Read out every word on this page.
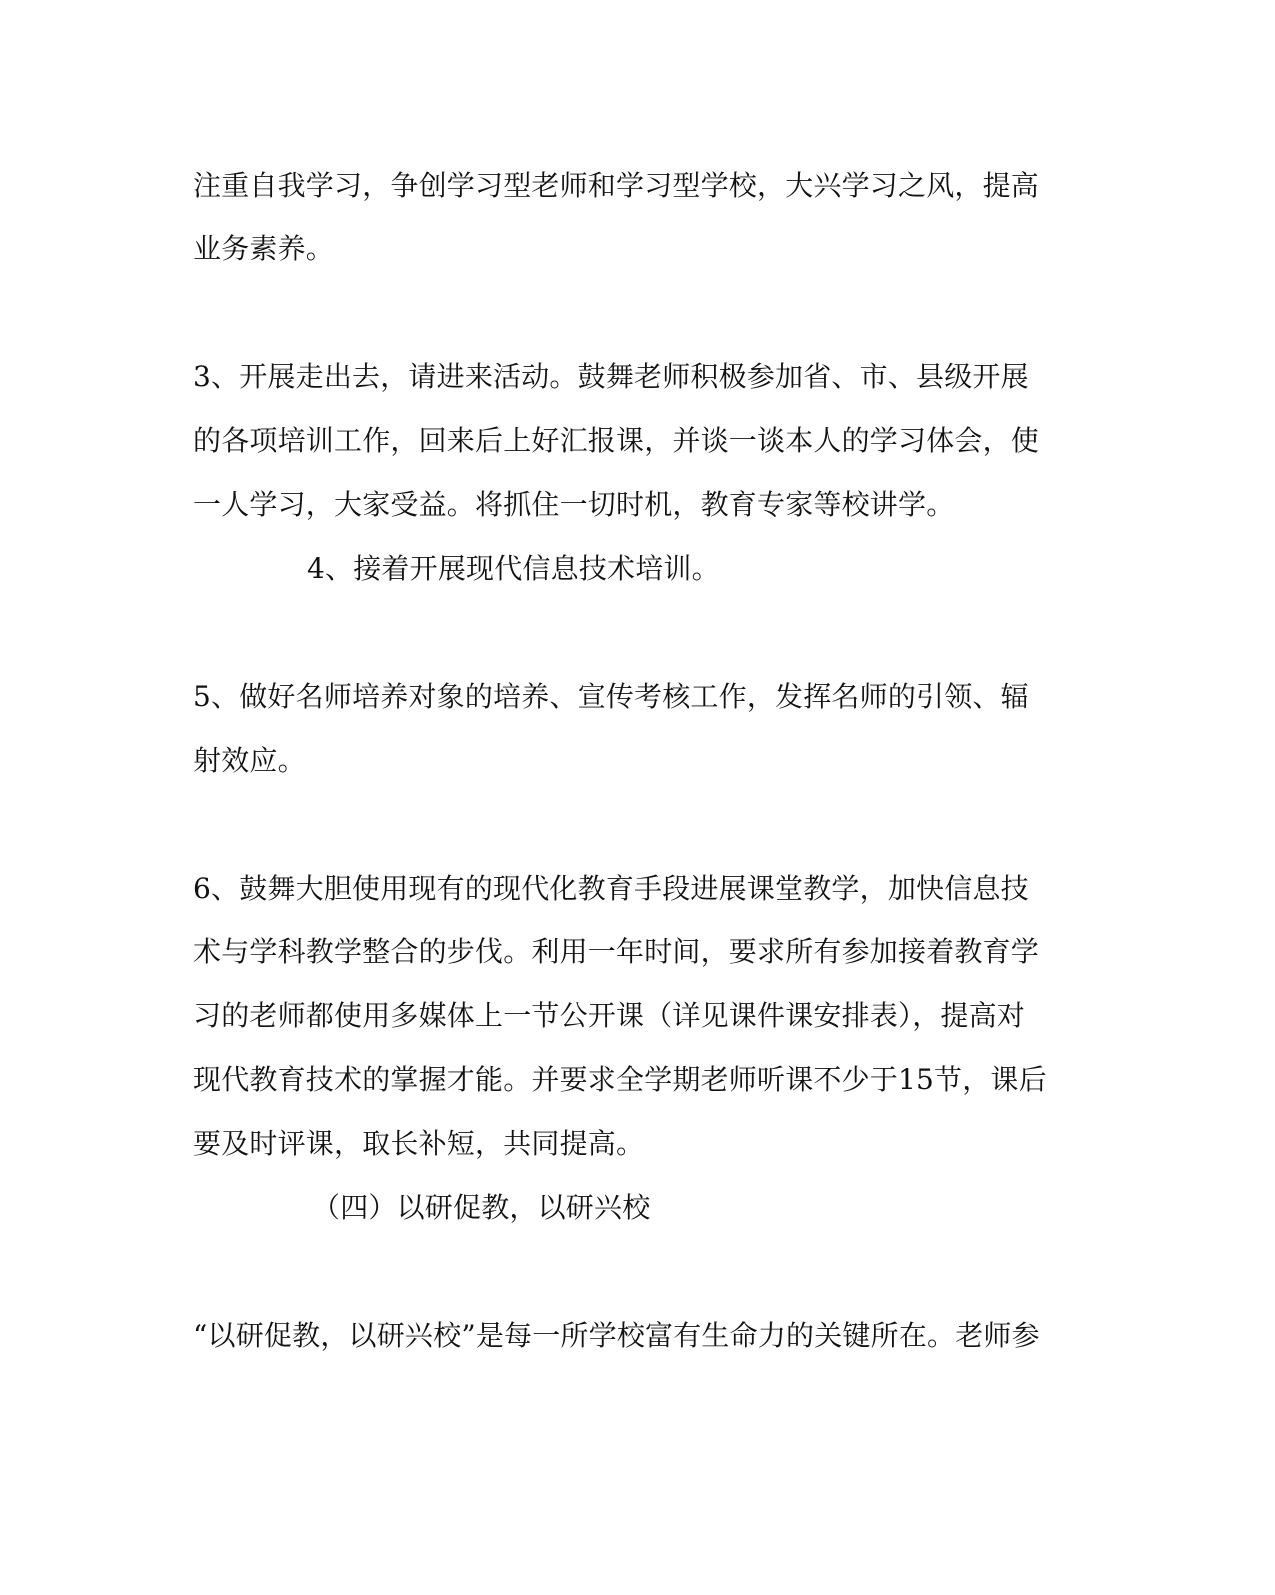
注重自我学习，争创学习型老师和学习型学校，大兴学习之风，提高
业务素养。
3、开展走出去，请进来活动。鼓舞老师积极参加省、市、县级开展
的各项培训工作，回来后上好汇报课，并谈一谈本人的学习体会，使
一人学习，大家受益。将抓住一切时机，教育专家等校讲学。
4、接着开展现代信息技术培训。
5、做好名师培养对象的培养、宣传考核工作，发挥名师的引领、辐
射效应。
6、鼓舞大胆使用现有的现代化教育手段进展课堂教学，加快信息技
术与学科教学整合的步伐。利用一年时间，要求所有参加接着教育学
习的老师都使用多媒体上一节公开课（详见课件课安排表），提高对
现代教育技术的掌握才能。并要求全学期老师听课不少于15节，课后
要及时评课，取长补短，共同提高。
（四）以研促教，以研兴校
“以研促教，以研兴校”是每一所学校富有生命力的关键所在。老师参
